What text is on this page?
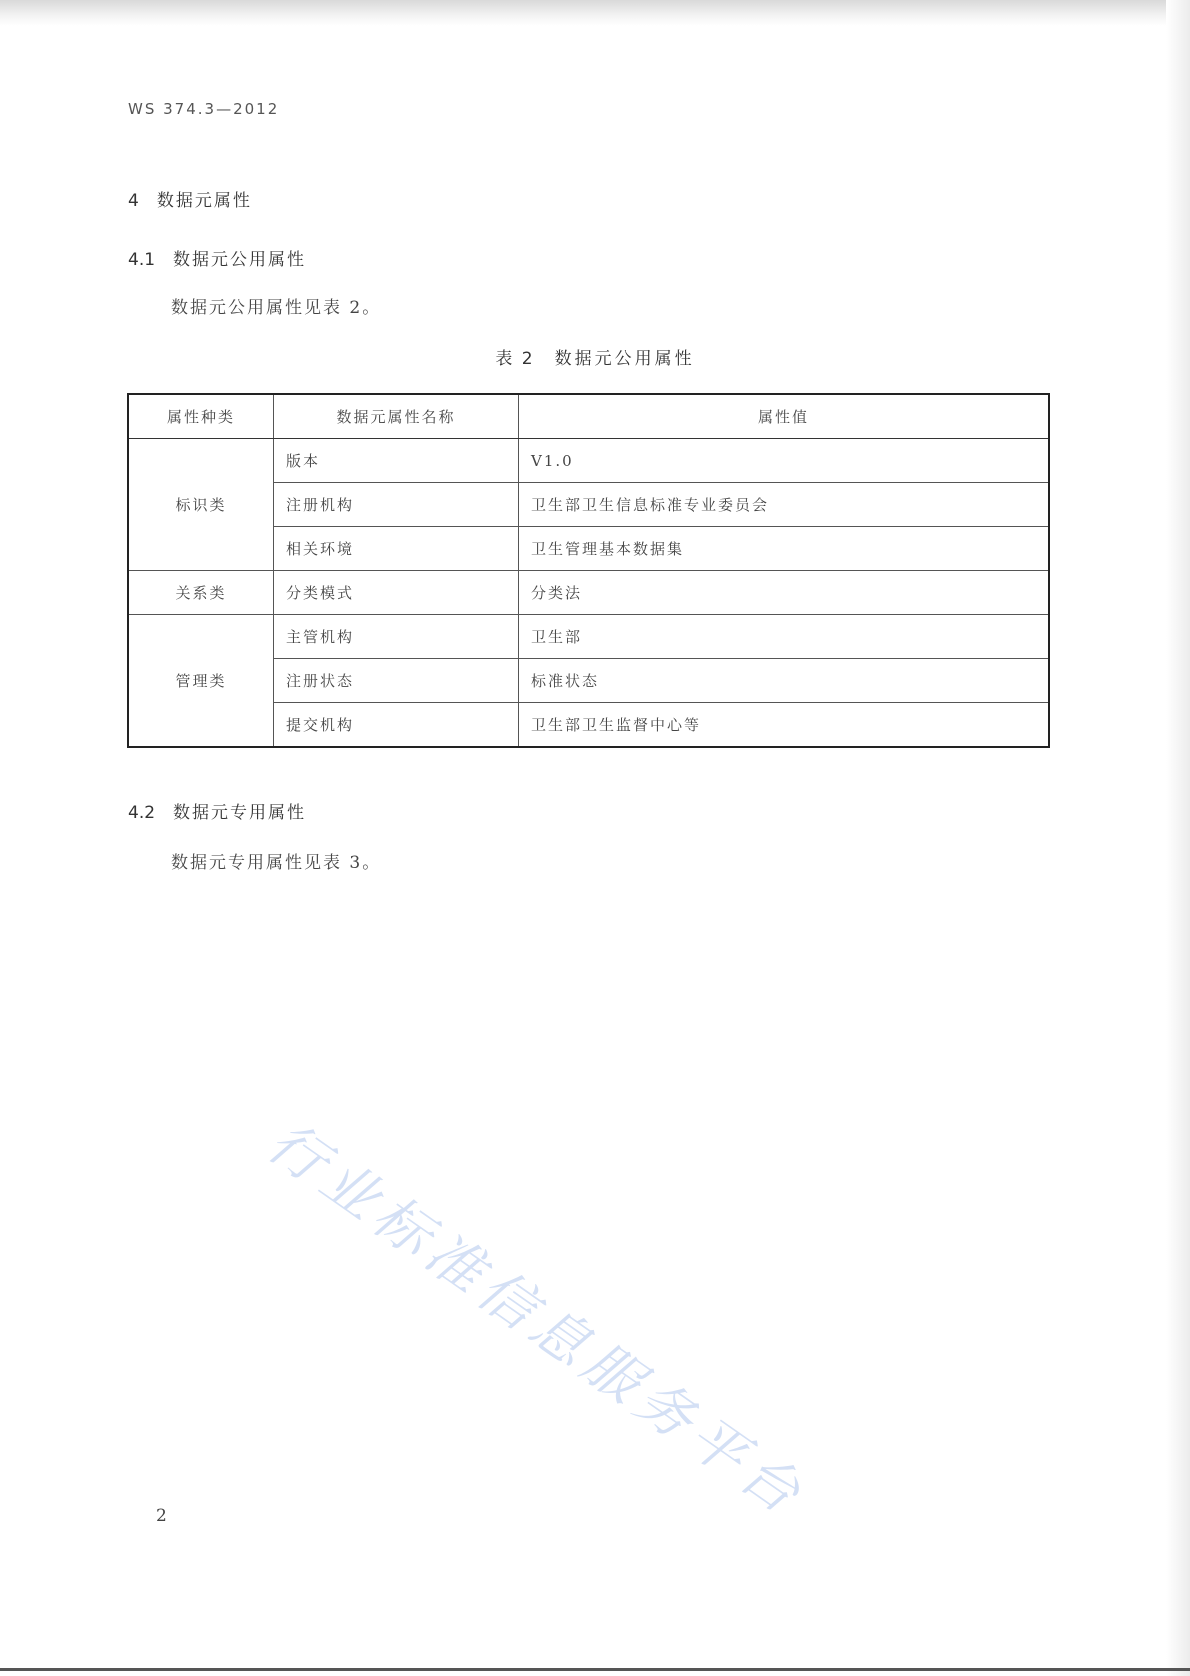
WS 374.3—2012
4 数据元属性
4.1 数据元公用属性
数据元公用属性见表 2。
表 2 数据元公用属性
属性种类	数据元属性名称	属性值
标识类	版本	V1.0
	注册机构	卫生部卫生信息标准专业委员会
	相关环境	卫生管理基本数据集
关系类	分类模式	分类法
管理类	主管机构	卫生部
	注册状态	标准状态
	提交机构	卫生部卫生监督中心等
4.2 数据元专用属性
数据元专用属性见表 3。
行业标准信息服务平台
2
